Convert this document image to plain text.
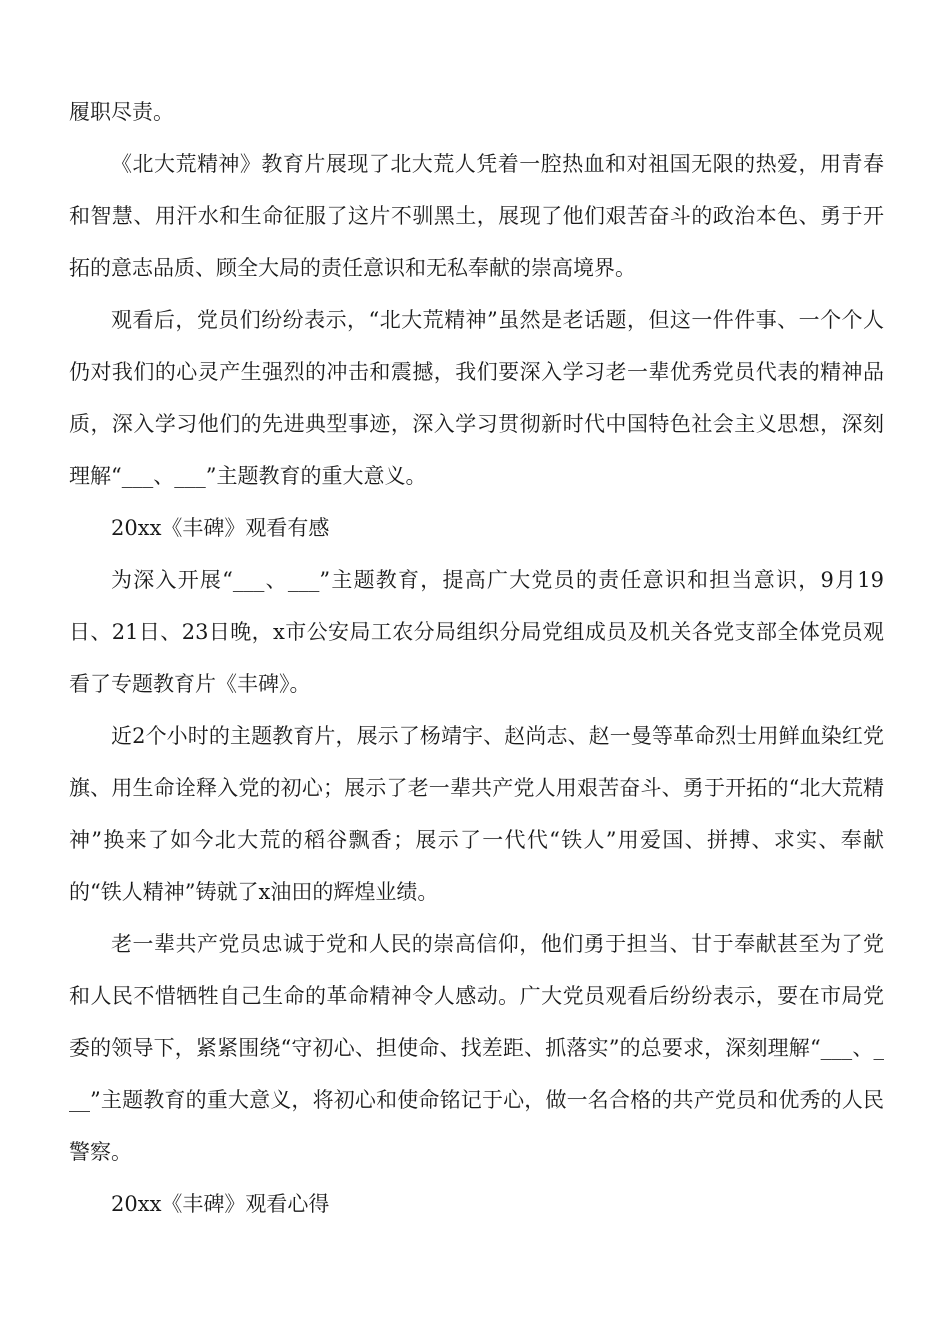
履职尽责。

《北大荒精神》教育片展现了北大荒人凭着一腔热血和对祖国无限的热爱，用青春和智慧、用汗水和生命征服了这片不驯黑土，展现了他们艰苦奋斗的政治本色、勇于开拓的意志品质、顾全大局的责任意识和无私奉献的崇高境界。

观看后，党员们纷纷表示，“北大荒精神”虽然是老话题，但这一件件事、一个个人仍对我们的心灵产生强烈的冲击和震撼，我们要深入学习老一辈优秀党员代表的精神品质，深入学习他们的先进典型事迹，深入学习贯彻新时代中国特色社会主义思想，深刻理解“___、___”主题教育的重大意义。

20xx《丰碑》观看有感

为深入开展“___、___”主题教育，提高广大党员的责任意识和担当意识，9月19日、21日、23日晚，x市公安局工农分局组织分局党组成员及机关各党支部全体党员观看了专题教育片《丰碑》。

近2个小时的主题教育片，展示了杨靖宇、赵尚志、赵一曼等革命烈士用鲜血染红党旗、用生命诠释入党的初心；展示了老一辈共产党人用艰苦奋斗、勇于开拓的“北大荒精神”换来了如今北大荒的稻谷飘香；展示了一代代“铁人”用爱国、拼搏、求实、奉献的“铁人精神”铸就了x油田的辉煌业绩。

老一辈共产党员忠诚于党和人民的崇高信仰，他们勇于担当、甘于奉献甚至为了党和人民不惜牺牲自己生命的革命精神令人感动。广大党员观看后纷纷表示，要在市局党委的领导下，紧紧围绕“守初心、担使命、找差距、抓落实”的总要求，深刻理解“___、___”主题教育的重大意义，将初心和使命铭记于心，做一名合格的共产党员和优秀的人民警察。

20xx《丰碑》观看心得
